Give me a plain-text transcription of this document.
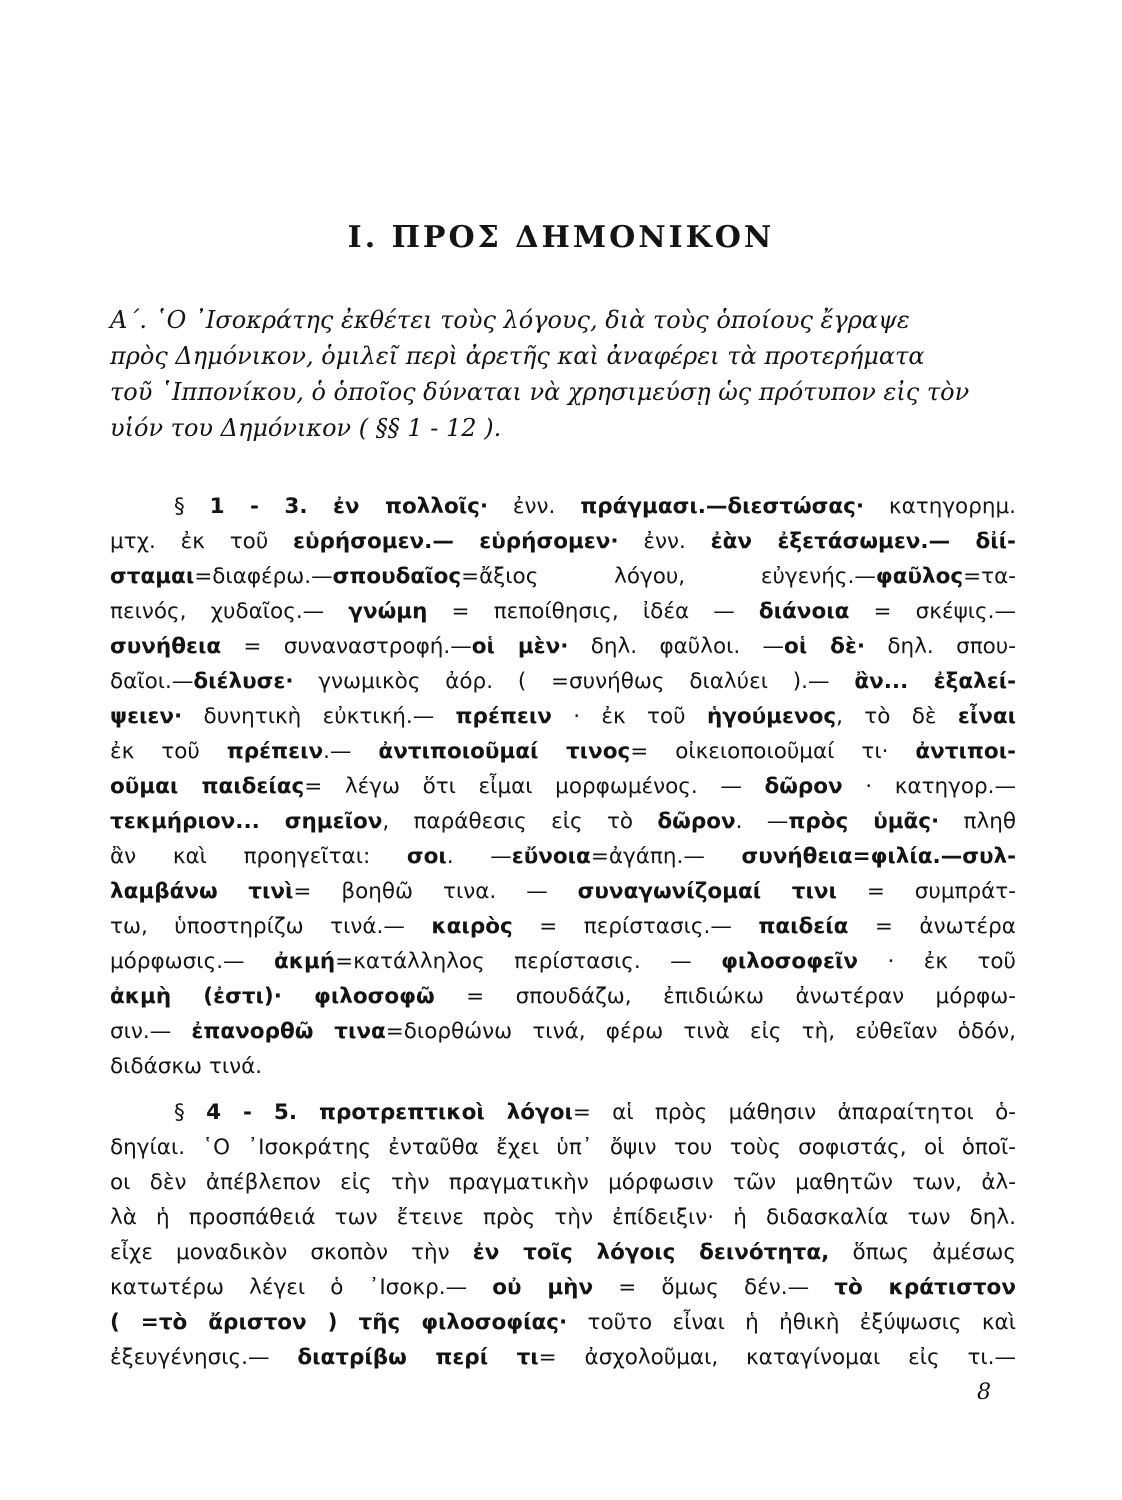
Ι. ΠΡΟΣ ΔΗΜΟΝΙΚΟΝ

Α΄. ῾Ο ᾿Ισοκράτης ἐκθέτει τοὺς λόγους, διὰ τοὺς ὁποίους ἔγραψε
πρὸς Δημόνικον, ὁμιλεῖ περὶ ἀρετῆς καὶ ἀναφέρει τὰ προτερήματα
τοῦ ῾Ιππονίκου, ὁ ὁποῖος δύναται νὰ χρησιμεύσῃ ὡς πρότυπον εἰς τὸν
υἱόν του Δημόνικον ( §§ 1 - 12 ).

§ 1 - 3. ἐν πολλοῖς· ἐνν. πράγμασι.—διεστώσας· κατηγορημ.
μτχ. ἐκ τοῦ εὑρήσομεν.— εὑρήσομεν· ἐνν. ἐὰν ἐξετάσωμεν.— δἰί-
σταμαι=διαφέρω.—σπουδαῖος=ἄξιος λόγου, εὐγενής.—φαῦλος=τα-
πεινός, χυδαῖος.— γνώμη = πεποίθησις, ἰδέα — διάνοια = σκέψις.—
συνήθεια = συναναστροφή.—οἱ μὲν· δηλ. φαῦλοι. —οἱ δὲ· δηλ. σπου-
δαῖοι.—διέλυσε· γνωμικὸς ἀόρ. ( =συνήθως διαλύει ).— ἂν... ἐξαλεί-
ψειεν· δυνητικὴ εὐκτική.— πρέπειν · ἐκ τοῦ ἡγούμενος, τὸ δὲ εἶναι
ἐκ τοῦ πρέπειν.— ἀντιποιοῦμαί τινος= οἰκειοποιοῦμαί τι· ἀντιποι-
οῦμαι παιδείας= λέγω ὅτι εἶμαι μορφωμένος. — δῶρον · κατηγορ.—
τεκμήριον... σημεῖον, παράθεσις εἰς τὸ δῶρον. —πρὸς ὑμᾶς· πληθ
ἂν καὶ προηγεῖται: σοι. —εὔνοια=ἀγάπη.— συνήθεια=φιλία.—συλ-
λαμβάνω τινὶ= βοηθῶ τινα. — συναγωνίζομαί τινι = συμπράτ-
τω, ὑποστηρίζω τινά.— καιρὸς = περίστασις.— παιδεία = ἀνωτέρα
μόρφωσις.— ἀκμή=κατάλληλος περίστασις. — φιλοσοφεῖν · ἐκ τοῦ
ἀκμὴ (ἐστι)· φιλοσοφῶ = σπουδάζω, ἐπιδιώκω ἀνωτέραν μόρφω-
σιν.— ἐπανορθῶ τινα=διορθώνω τινά, φέρω τινὰ εἰς τὴ, εὐθεῖαν ὁδόν,
διδάσκω τινά.
§ 4 - 5. προτρεπτικοὶ λόγοι= αἱ πρὸς μάθησιν ἀπαραίτητοι ὁ-
δηγίαι. ῾Ο ᾿Ισοκράτης ἐνταῦθα ἔχει ὑπ᾿ ὄψιν του τοὺς σοφιστάς, οἱ ὁποῖ-
οι δὲν ἀπέβλεπον εἰς τὴν πραγματικὴν μόρφωσιν τῶν μαθητῶν των, ἀλ-
λὰ ἡ προσπάθειά των ἔτεινε πρὸς τὴν ἐπίδειξιν· ἡ διδασκαλία των δηλ.
εἶχε μοναδικὸν σκοπὸν τὴν ἐν τοῖς λόγοις δεινότητα, ὅπως ἀμέσως
κατωτέρω λέγει ὁ ᾿Ισοκρ.— οὐ μὴν = ὅμως δέν.— τὸ κράτιστον
( =τὸ ἄριστον ) τῆς φιλοσοφίας· τοῦτο εἶναι ἡ ἠθικὴ ἐξύψωσις καὶ
ἐξευγένησις.— διατρίβω περί τι= ἀσχολοῦμαι, καταγίνομαι εἰς τι.—
8
